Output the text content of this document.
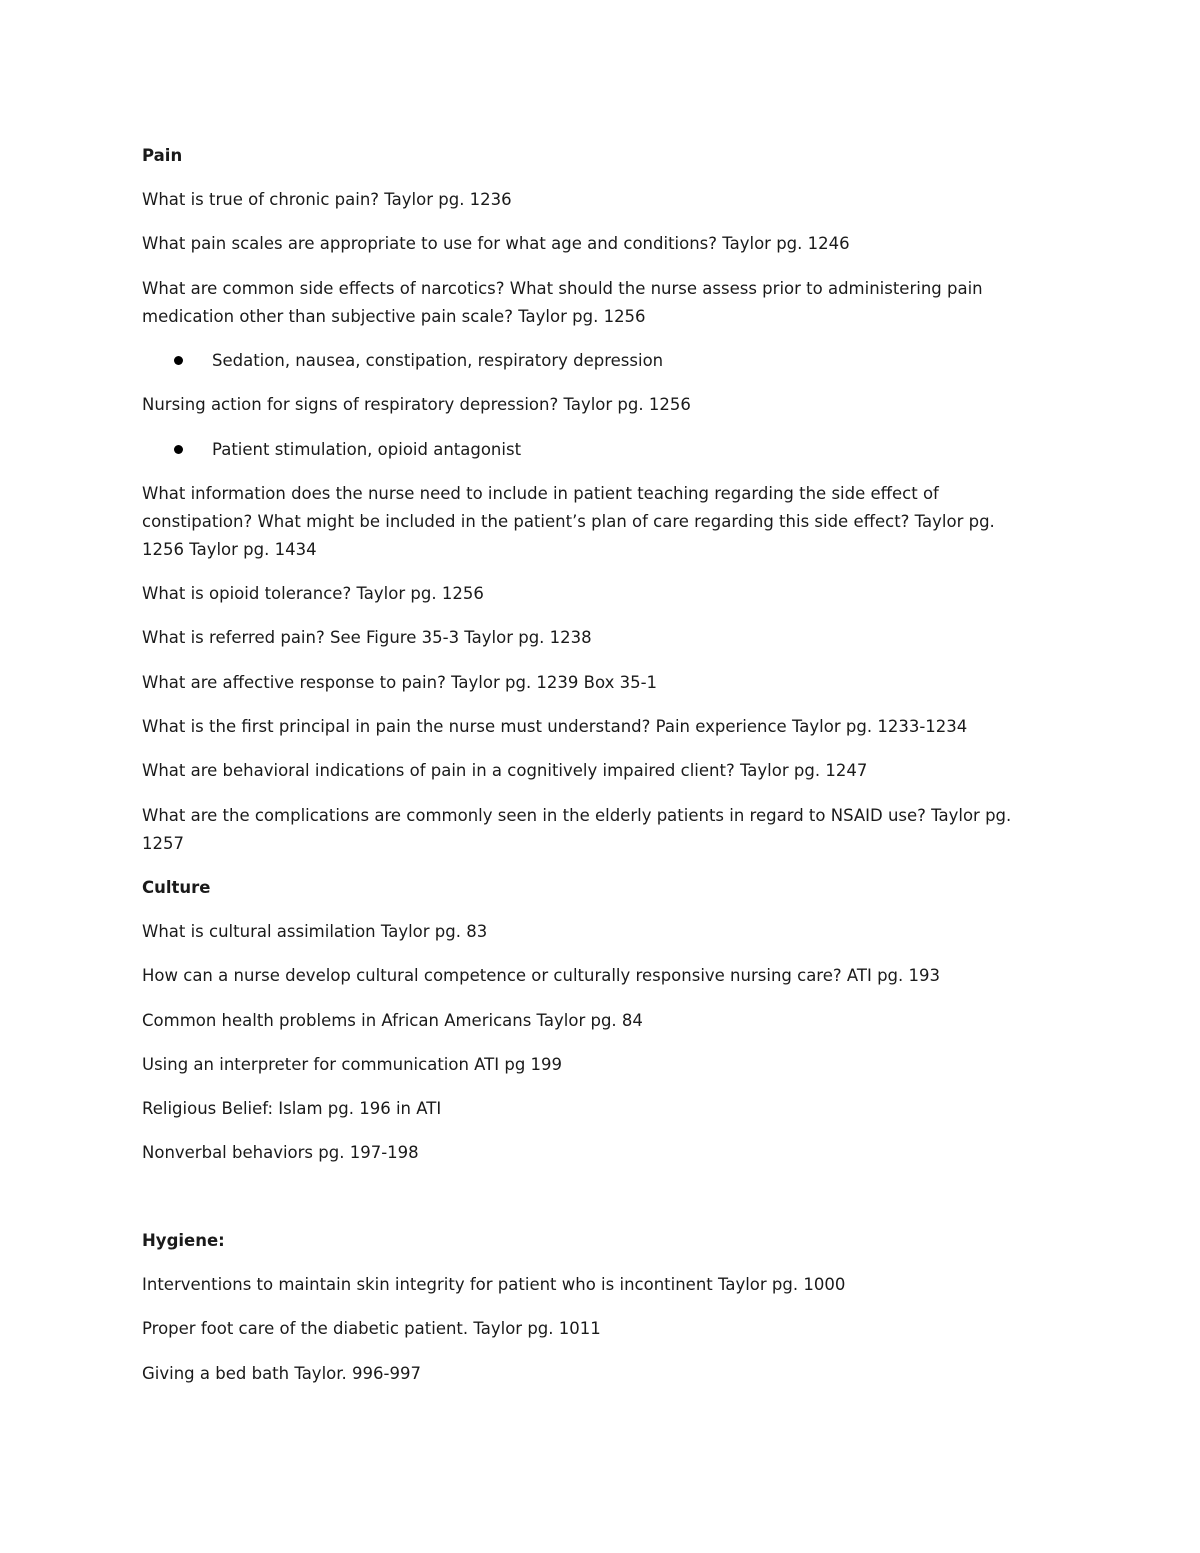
Pain
What is true of chronic pain? Taylor pg. 1236
What pain scales are appropriate to use for what age and conditions? Taylor pg. 1246
What are common side effects of narcotics? What should the nurse assess prior to administering pain
medication other than subjective pain scale? Taylor pg. 1256
Sedation, nausea, constipation, respiratory depression
Nursing action for signs of respiratory depression? Taylor pg. 1256
Patient stimulation, opioid antagonist
What information does the nurse need to include in patient teaching regarding the side effect of
constipation? What might be included in the patient’s plan of care regarding this side effect? Taylor pg.
1256 Taylor pg. 1434
What is opioid tolerance? Taylor pg. 1256
What is referred pain? See Figure 35-3 Taylor pg. 1238
What are affective response to pain? Taylor pg. 1239 Box 35-1
What is the first principal in pain the nurse must understand? Pain experience Taylor pg. 1233-1234
What are behavioral indications of pain in a cognitively impaired client? Taylor pg. 1247
What are the complications are commonly seen in the elderly patients in regard to NSAID use? Taylor pg.
1257
Culture
What is cultural assimilation Taylor pg. 83
How can a nurse develop cultural competence or culturally responsive nursing care? ATI pg. 193
Common health problems in African Americans Taylor pg. 84
Using an interpreter for communication ATI pg 199
Religious Belief: Islam pg. 196 in ATI
Nonverbal behaviors pg. 197-198
Hygiene:
Interventions to maintain skin integrity for patient who is incontinent Taylor pg. 1000
Proper foot care of the diabetic patient. Taylor pg. 1011
Giving a bed bath Taylor. 996-997
